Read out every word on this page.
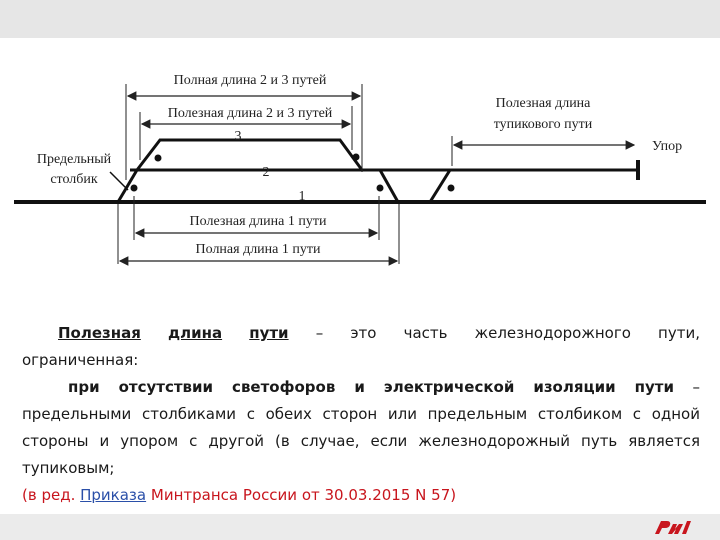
Полная длина 2 и 3 путей
Полезная длина 2 и 3 путей
Полезная длина
тупикового пути
Упор
Предельный
столбик
3
2
1
Полезная длина 1 пути
Полная длина 1 пути

Полезная длина пути – это часть железнодорожного пути,

ограниченная:

при отсутствии светофоров и электрической изоляции пути –

предельными столбиками с обеих сторон или предельным столбиком с одной

стороны и упором с другой (в случае, если железнодорожный путь является

тупиковым;

(в ред. Приказа Минтранса России от 30.03.2015 N 57)
